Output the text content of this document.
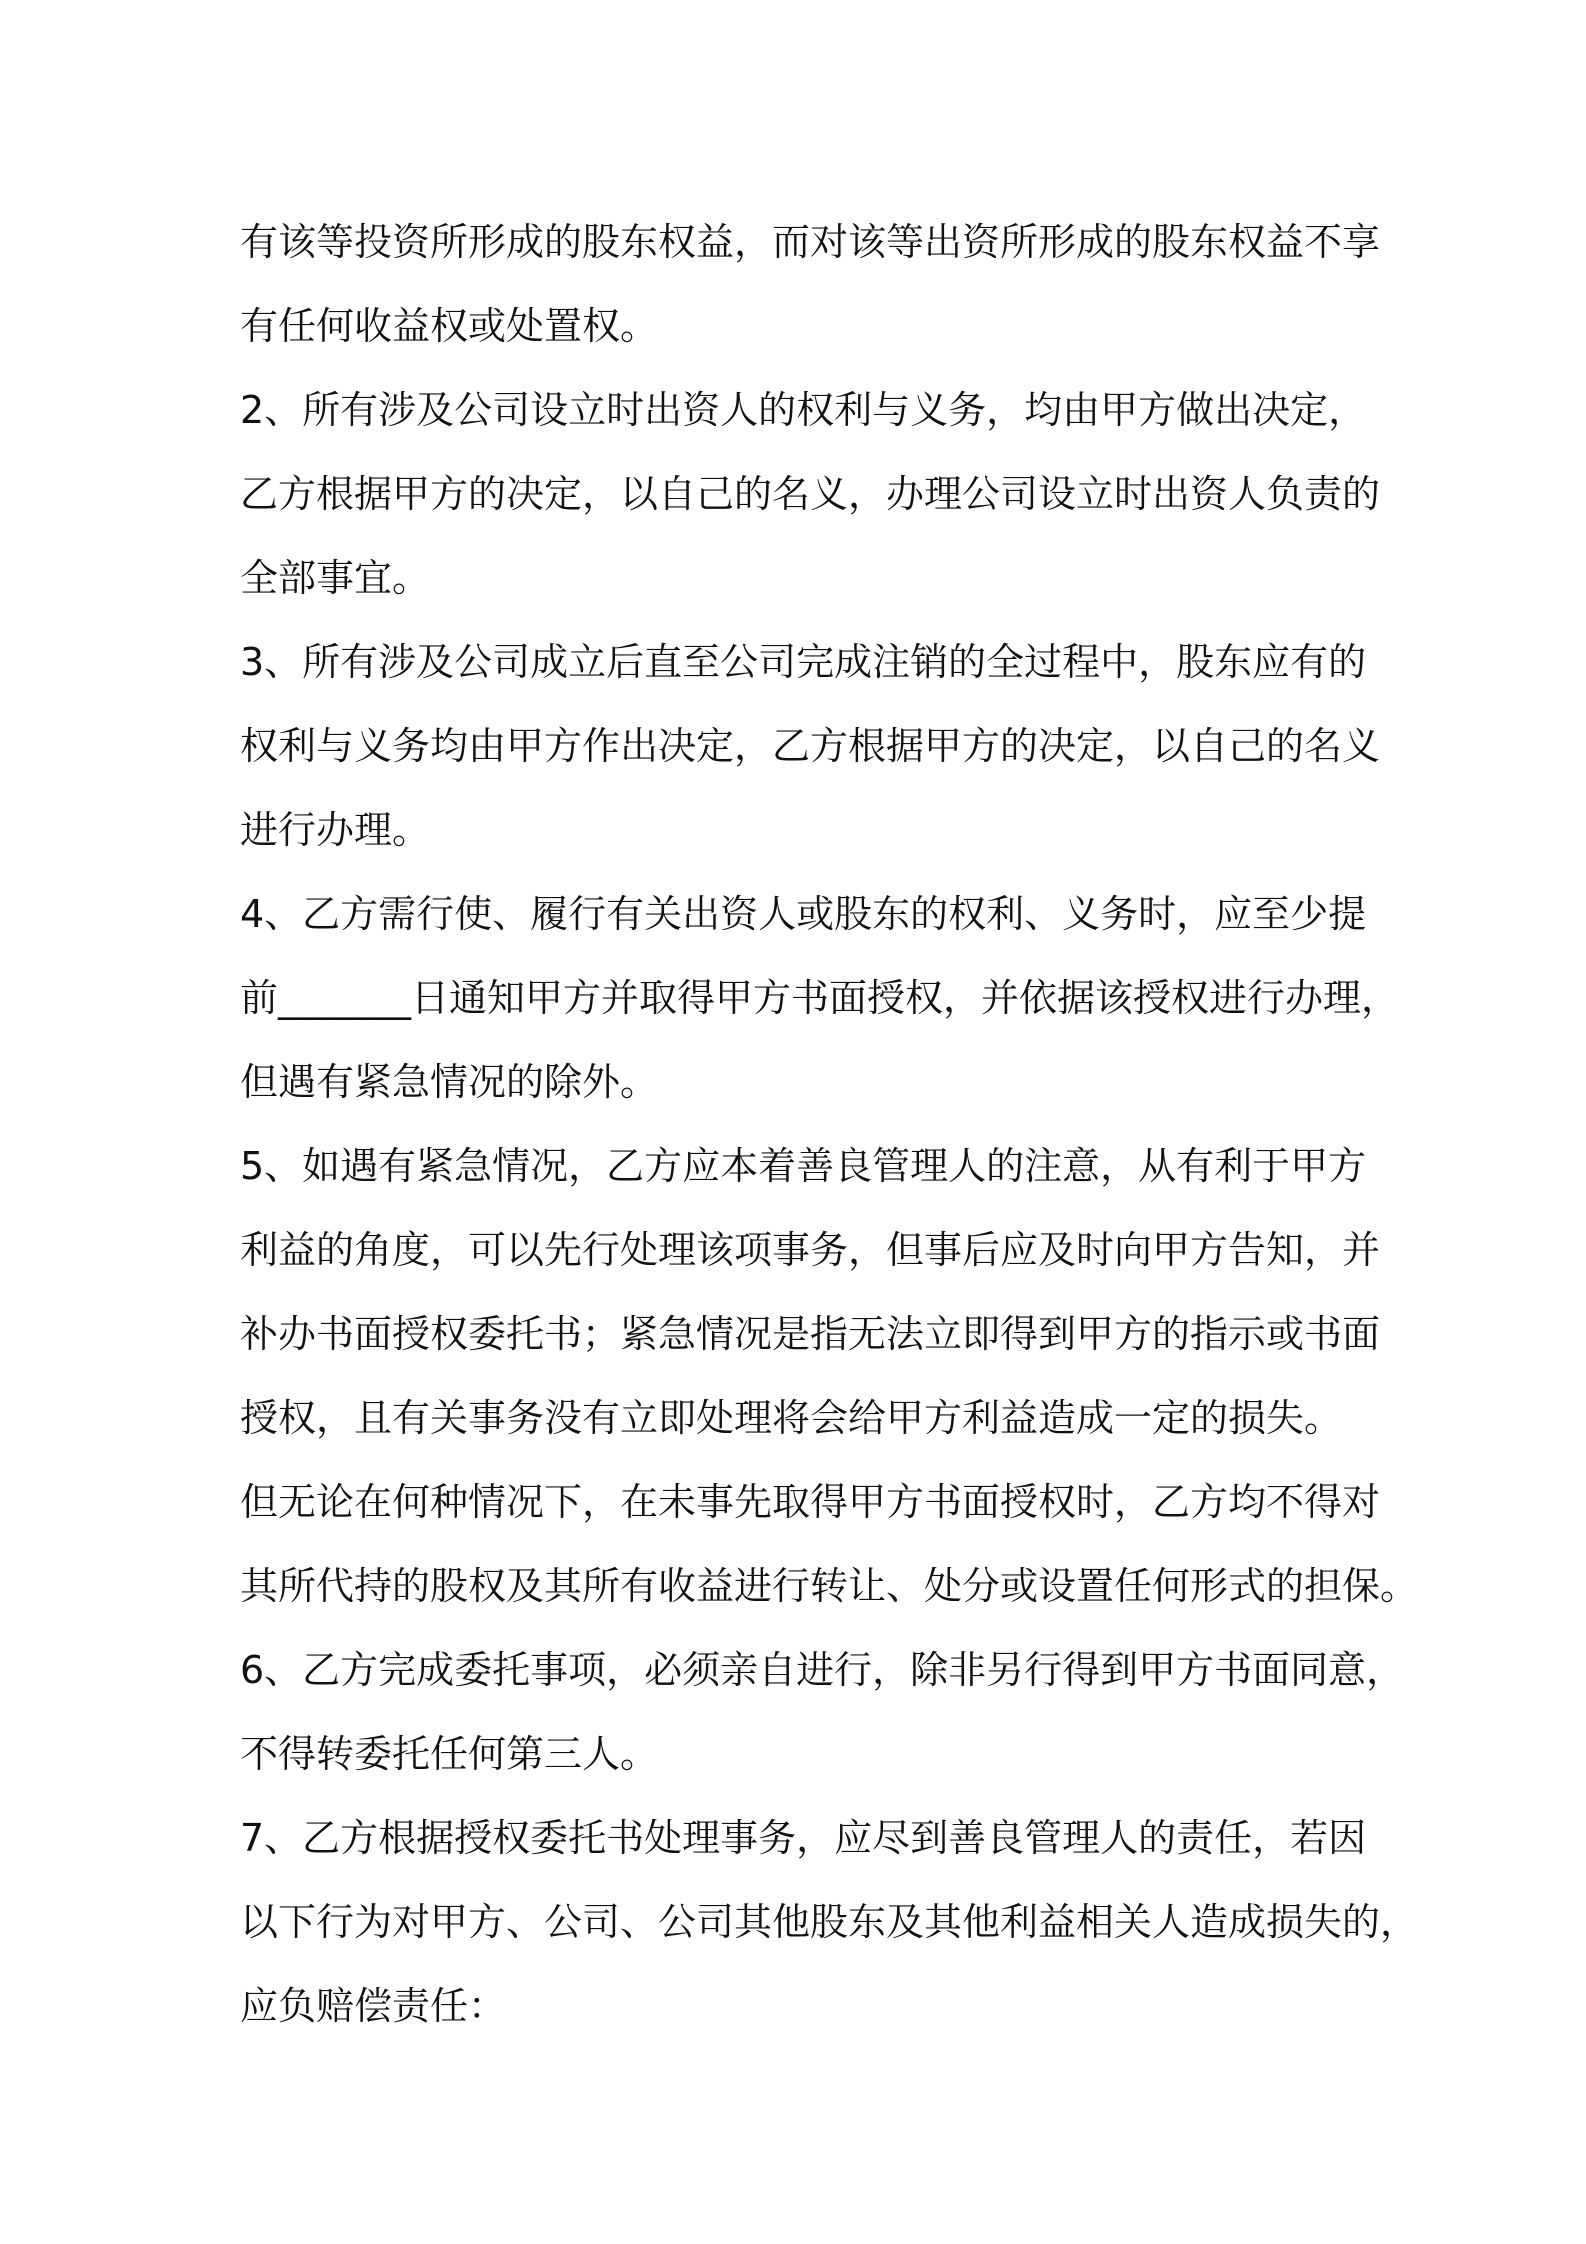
有该等投资所形成的股东权益，而对该等出资所形成的股东权益不享
有任何收益权或处置权。
2、所有涉及公司设立时出资人的权利与义务，均由甲方做出决定，
乙方根据甲方的决定，以自己的名义，办理公司设立时出资人负责的
全部事宜。
3、所有涉及公司成立后直至公司完成注销的全过程中，股东应有的
权利与义务均由甲方作出决定，乙方根据甲方的决定，以自己的名义
进行办理。
4、乙方需行使、履行有关出资人或股东的权利、义务时，应至少提
前_______日通知甲方并取得甲方书面授权，并依据该授权进行办理，
但遇有紧急情况的除外。
5、如遇有紧急情况，乙方应本着善良管理人的注意，从有利于甲方
利益的角度，可以先行处理该项事务，但事后应及时向甲方告知，并
补办书面授权委托书；紧急情况是指无法立即得到甲方的指示或书面
授权，且有关事务没有立即处理将会给甲方利益造成一定的损失。
但无论在何种情况下，在未事先取得甲方书面授权时，乙方均不得对
其所代持的股权及其所有收益进行转让、处分或设置任何形式的担保。
6、乙方完成委托事项，必须亲自进行，除非另行得到甲方书面同意，
不得转委托任何第三人。
7、乙方根据授权委托书处理事务，应尽到善良管理人的责任，若因
以下行为对甲方、公司、公司其他股东及其他利益相关人造成损失的，
应负赔偿责任：
